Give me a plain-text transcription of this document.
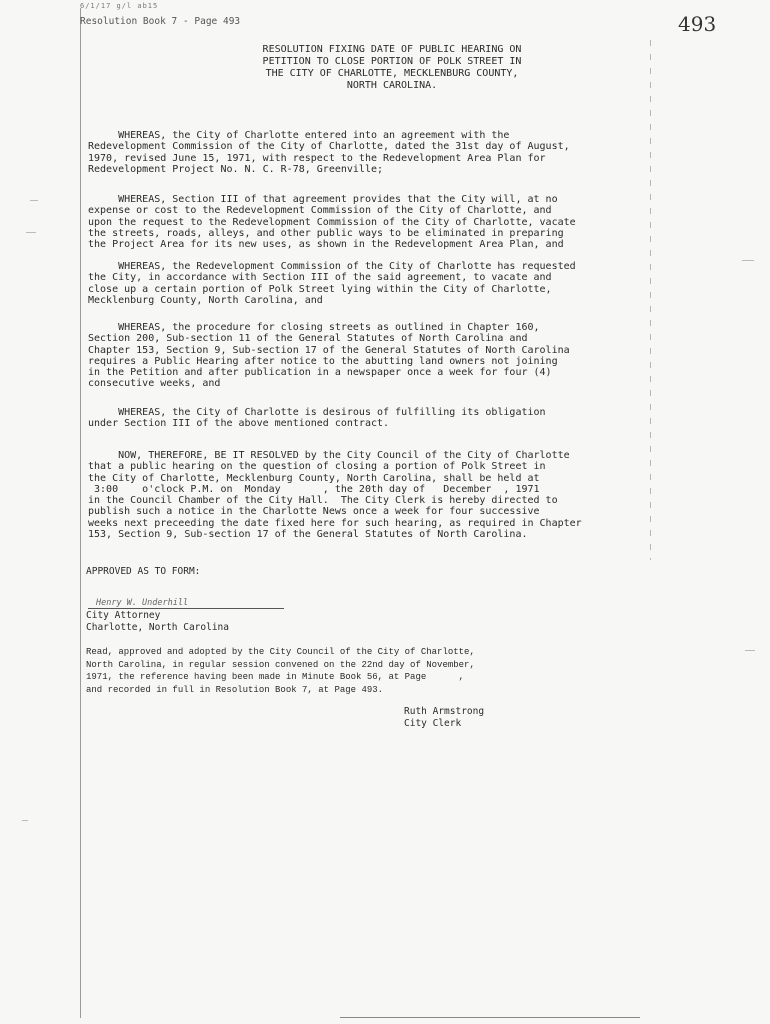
6/1/17 g/l ab15
Resolution Book 7 - Page 493	493
RESOLUTION FIXING DATE OF PUBLIC HEARING ON
PETITION TO CLOSE PORTION OF POLK STREET IN
THE CITY OF CHARLOTTE, MECKLENBURG COUNTY,
NORTH CAROLINA.
WHEREAS, the City of Charlotte entered into an agreement with the
Redevelopment Commission of the City of Charlotte, dated the 31st day of August,
1970, revised June 15, 1971, with respect to the Redevelopment Area Plan for
Redevelopment Project No. N. C. R-78, Greenville;
WHEREAS, Section III of that agreement provides that the City will, at no
expense or cost to the Redevelopment Commission of the City of Charlotte, and
upon the request to the Redevelopment Commission of the City of Charlotte, vacate
the streets, roads, alleys, and other public ways to be eliminated in preparing
the Project Area for its new uses, as shown in the Redevelopment Area Plan, and
WHEREAS, the Redevelopment Commission of the City of Charlotte has requested
the City, in accordance with Section III of the said agreement, to vacate and
close up a certain portion of Polk Street lying within the City of Charlotte,
Mecklenburg County, North Carolina, and
WHEREAS, the procedure for closing streets as outlined in Chapter 160,
Section 200, Sub-section 11 of the General Statutes of North Carolina and
Chapter 153, Section 9, Sub-section 17 of the General Statutes of North Carolina
requires a Public Hearing after notice to the abutting land owners not joining
in the Petition and after publication in a newspaper once a week for four (4)
consecutive weeks, and
WHEREAS, the City of Charlotte is desirous of fulfilling its obligation
under Section III of the above mentioned contract.
NOW, THEREFORE, BE IT RESOLVED by the City Council of the City of Charlotte
that a public hearing on the question of closing a portion of Polk Street in
the City of Charlotte, Mecklenburg County, North Carolina, shall be held at
3:00    o'clock P.M. on  Monday       , the 20th day of   December  , 1971
in the Council Chamber of the City Hall.  The City Clerk is hereby directed to
publish such a notice in the Charlotte News once a week for four successive
weeks next preceeding the date fixed here for such hearing, as required in Chapter
153, Section 9, Sub-section 17 of the General Statutes of North Carolina.
APPROVED AS TO FORM:
Henry W. Underhill
City Attorney
Charlotte, North Carolina
Read, approved and adopted by the City Council of the City of Charlotte,
North Carolina, in regular session convened on the 22nd day of November,
1971, the reference having been made in Minute Book 56, at Page      ,
and recorded in full in Resolution Book 7, at Page 493.
Ruth Armstrong
City Clerk
